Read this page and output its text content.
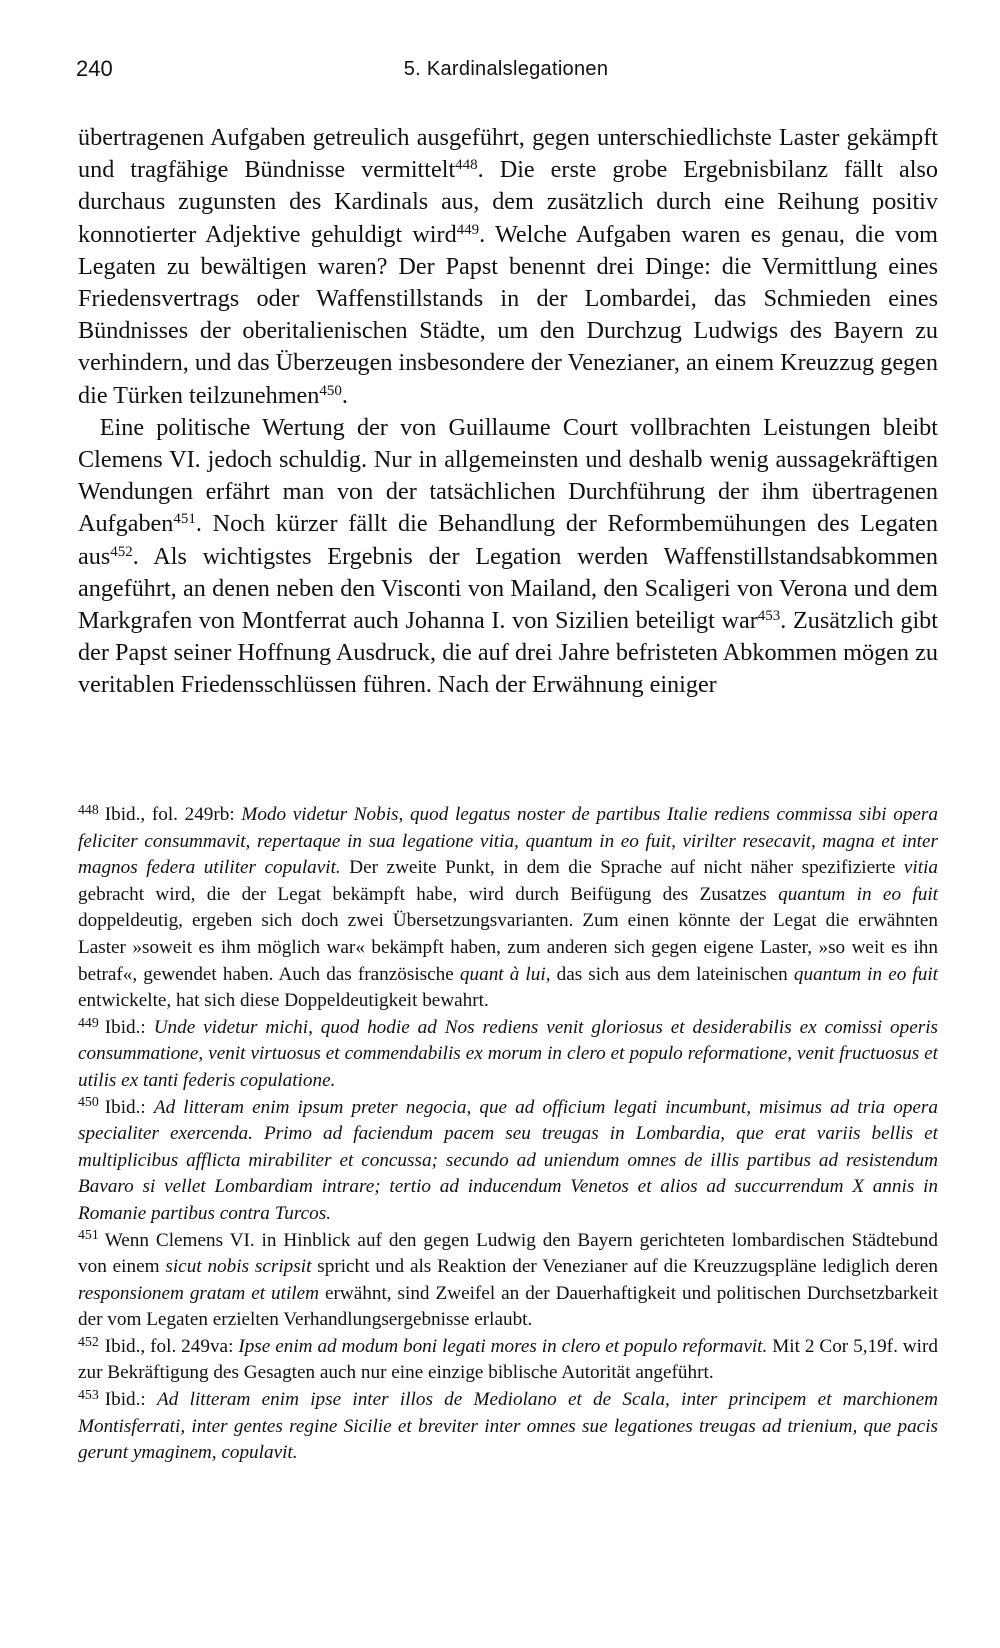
240	5. Kardinalslegationen

übertragenen Aufgaben getreulich ausgeführt, gegen unterschiedlichste Laster gekämpft und tragfähige Bündnisse vermittelt$^{448}$. Die erste grobe Ergebnisbilanz fällt also durchaus zugunsten des Kardinals aus, dem zusätzlich durch eine Reihung positiv konnotierter Adjektive gehuldigt wird$^{449}$. Welche Aufgaben waren es genau, die vom Legaten zu bewältigen waren? Der Papst benennt drei Dinge: die Vermittlung eines Friedensvertrags oder Waffenstillstands in der Lombardei, das Schmieden eines Bündnisses der oberitalienischen Städte, um den Durchzug Ludwigs des Bayern zu verhindern, und das Überzeugen insbesondere der Venezianer, an einem Kreuzzug gegen die Türken teilzunehmen$^{450}$.

Eine politische Wertung der von Guillaume Court vollbrachten Leistungen bleibt Clemens VI. jedoch schuldig. Nur in allgemeinsten und deshalb wenig aussagekräftigen Wendungen erfährt man von der tatsächlichen Durchführung der ihm übertragenen Aufgaben$^{451}$. Noch kürzer fällt die Behandlung der Reformbemühungen des Legaten aus$^{452}$. Als wichtigstes Ergebnis der Legation werden Waffenstillstandsabkommen angeführt, an denen neben den Visconti von Mailand, den Scaligeri von Verona und dem Markgrafen von Montferrat auch Johanna I. von Sizilien beteiligt war$^{453}$. Zusätzlich gibt der Papst seiner Hoffnung Ausdruck, die auf drei Jahre befristeten Abkommen mögen zu veritablen Friedensschlüssen führen. Nach der Erwähnung einiger

$^{448}$ Ibid., fol. 249rb: Modo videtur Nobis, quod legatus noster de partibus Italie rediens commissa sibi opera feliciter consummavit, repertaque in sua legatione vitia, quantum in eo fuit, virilter resecavit, magna et inter magnos federa utiliter copulavit. Der zweite Punkt, in dem die Sprache auf nicht näher spezifizierte vitia gebracht wird, die der Legat bekämpft habe, wird durch Beifügung des Zusatzes quantum in eo fuit doppeldeutig, ergeben sich doch zwei Übersetzungsvarianten. Zum einen könnte der Legat die erwähnten Laster »soweit es ihm möglich war« bekämpft haben, zum anderen sich gegen eigene Laster, »so weit es ihn betraf«, gewendet haben. Auch das französische quant à lui, das sich aus dem lateinischen quantum in eo fuit entwickelte, hat sich diese Doppeldeutigkeit bewahrt.

$^{449}$ Ibid.: Unde videtur michi, quod hodie ad Nos rediens venit gloriosus et desiderabilis ex comissi operis consummatione, venit virtuosus et commendabilis ex morum in clero et populo reformatione, venit fructuosus et utilis ex tanti federis copulatione.

$^{450}$ Ibid.: Ad litteram enim ipsum preter negocia, que ad officium legati incumbunt, misimus ad tria opera specialiter exercenda. Primo ad faciendum pacem seu treugas in Lombardia, que erat variis bellis et multiplicibus afflicta mirabiliter et concussa; secundo ad uniendum omnes de illis partibus ad resistendum Bavaro si vellet Lombardiam intrare; tertio ad inducendum Venetos et alios ad succurrendum X annis in Romanie partibus contra Turcos.

$^{451}$ Wenn Clemens VI. in Hinblick auf den gegen Ludwig den Bayern gerichteten lombardischen Städtebund von einem sicut nobis scripsit spricht und als Reaktion der Venezianer auf die Kreuzzugspläne lediglich deren responsionem gratam et utilem erwähnt, sind Zweifel an der Dauerhaftigkeit und politischen Durchsetzbarkeit der vom Legaten erzielten Verhandlungsergebnisse erlaubt.

$^{452}$ Ibid., fol. 249va: Ipse enim ad modum boni legati mores in clero et populo reformavit. Mit 2 Cor 5,19f. wird zur Bekräftigung des Gesagten auch nur eine einzige biblische Autorität angeführt.

$^{453}$ Ibid.: Ad litteram enim ipse inter illos de Mediolano et de Scala, inter principem et marchionem Montisferrati, inter gentes regine Sicilie et breviter inter omnes sue legationes treugas ad trienium, que pacis gerunt ymaginem, copulavit.
